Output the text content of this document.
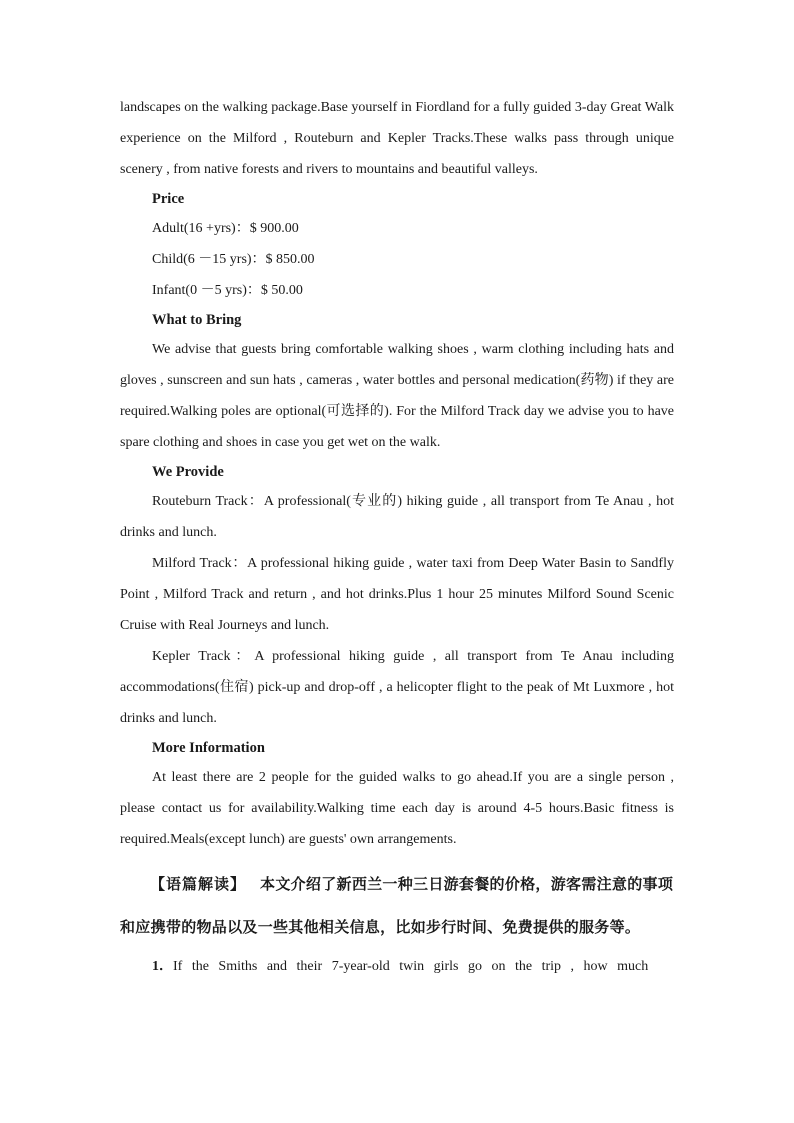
landscapes on the walking package.Base yourself in Fiordland for a fully guided 3-day Great Walk experience on the Milford , Routeburn and Kepler Tracks.These walks pass through unique scenery , from native forests and rivers to mountains and beautiful valleys.

Price
Adult(16 +yrs)：$ 900.00
Child(6 －15 yrs)：$ 850.00
Infant(0 －5 yrs)：$ 50.00
What to Bring

We advise that guests bring comfortable walking shoes , warm clothing including hats and gloves , sunscreen and sun hats , cameras , water bottles and personal medication(药物) if they are required.Walking poles are optional(可选择的). For the Milford Track day we advise you to have spare clothing and shoes in case you get wet on the walk.

We Provide

Routeburn Track：A professional(专业的) hiking guide , all transport from Te Anau , hot drinks and lunch.

Milford Track：A professional hiking guide , water taxi from Deep Water Basin to Sandfly Point , Milford Track and return , and hot drinks.Plus 1 hour 25 minutes Milford Sound Scenic Cruise with Real Journeys and lunch.

Kepler Track：A professional hiking guide , all transport from Te Anau including accommodations(住宿) pick-up and drop-off , a helicopter flight to the peak of Mt Luxmore , hot drinks and lunch.

More Information

At least there are 2 people for the guided walks to go ahead.If you are a single person , please contact us for availability.Walking time each day is around 4-5 hours.Basic fitness is required.Meals(except lunch) are guests' own arrangements.

【语篇解读】 本文介绍了新西兰一种三日游套餐的价格，游客需注意的事项和应携带的物品以及一些其他相关信息，比如步行时间、免费提供的服务等。
1．If the Smiths and their 7-year-old twin girls go on the trip , how much
